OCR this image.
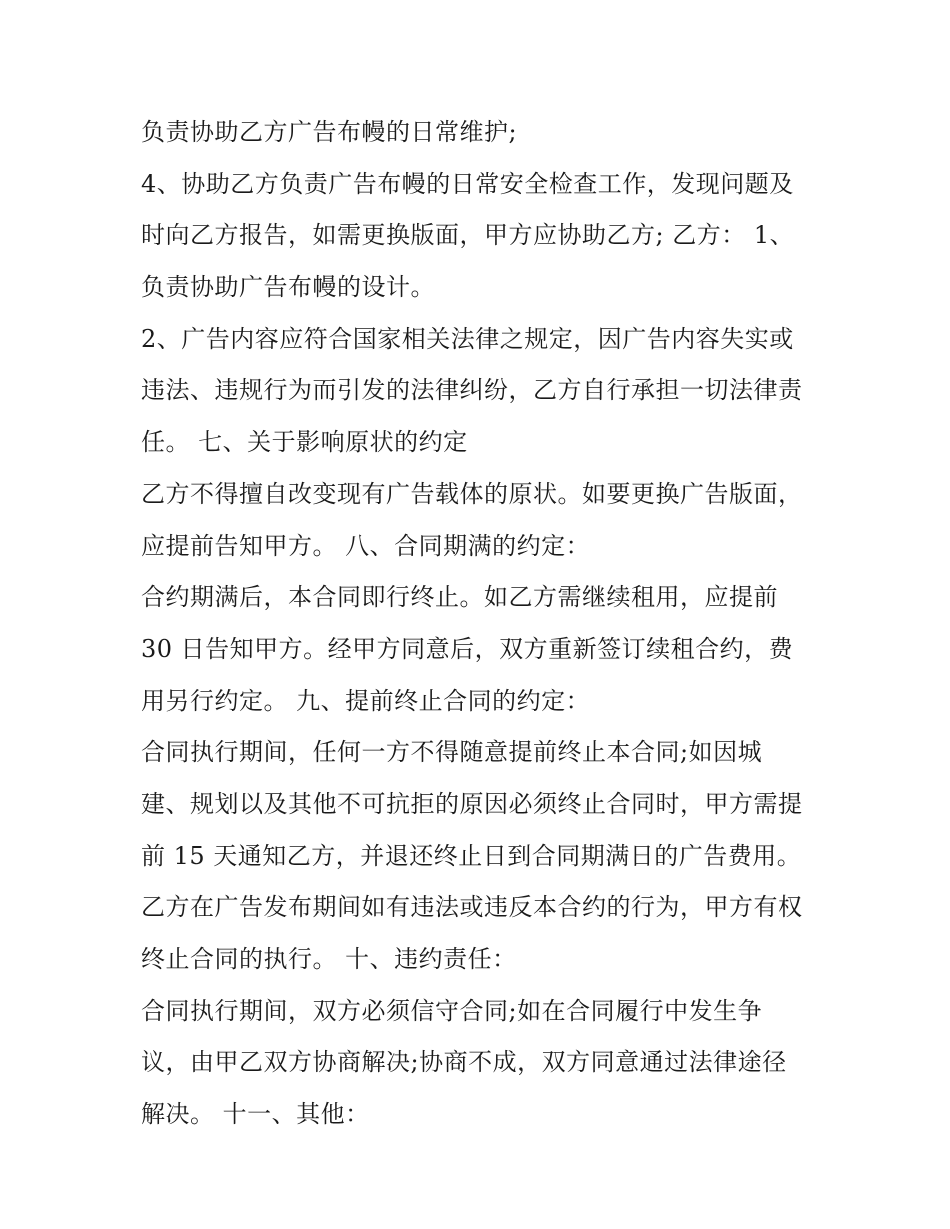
负责协助乙方广告布幔的日常维护;
4、协助乙方负责广告布幔的日常安全检查工作，发现问题及
时向乙方报告，如需更换版面，甲方应协助乙方; 乙方： 1、
负责协助广告布幔的设计。
2、广告内容应符合国家相关法律之规定，因广告内容失实或
违法、违规行为而引发的法律纠纷，乙方自行承担一切法律责
任。 七、关于影响原状的约定
乙方不得擅自改变现有广告载体的原状。如要更换广告版面，
应提前告知甲方。 八、合同期满的约定：
合约期满后，本合同即行终止。如乙方需继续租用，应提前
30 日告知甲方。经甲方同意后，双方重新签订续租合约，费
用另行约定。 九、提前终止合同的约定：
合同执行期间，任何一方不得随意提前终止本合同;如因城
建、规划以及其他不可抗拒的原因必须终止合同时，甲方需提
前 15 天通知乙方，并退还终止日到合同期满日的广告费用。
乙方在广告发布期间如有违法或违反本合约的行为，甲方有权
终止合同的执行。 十、违约责任：
合同执行期间，双方必须信守合同;如在合同履行中发生争
议，由甲乙双方协商解决;协商不成，双方同意通过法律途径
解决。 十一、其他：
